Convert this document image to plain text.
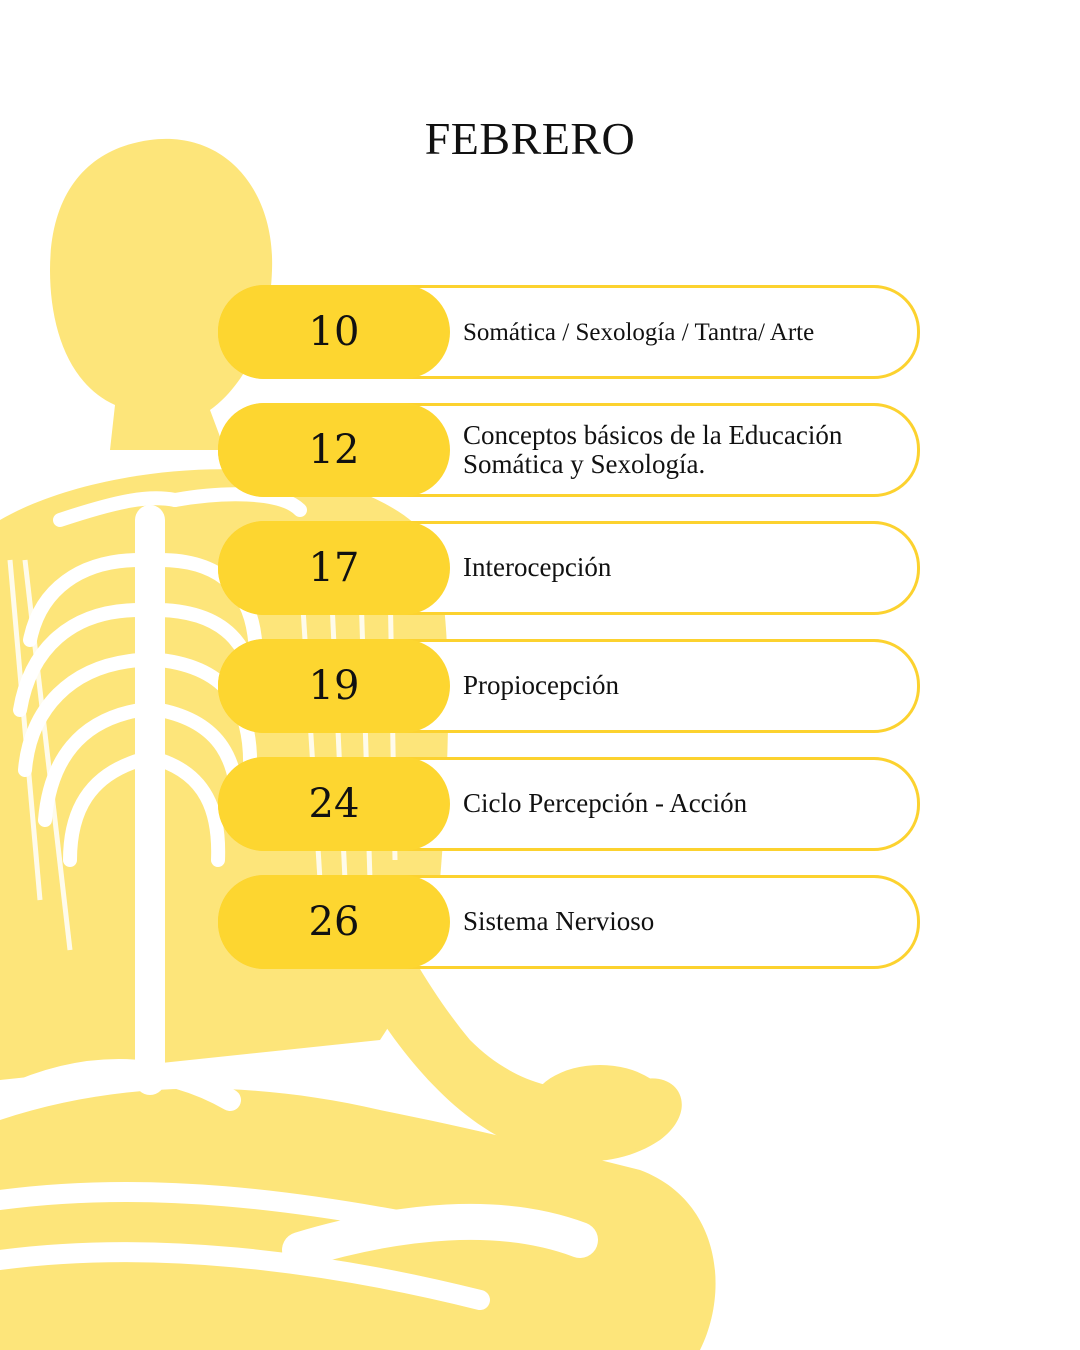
FEBRERO
10	Somática / Sexología / Tantra/ Arte
12	Conceptos básicos de la Educación Somática y Sexología.
17	Interocepción
19	Propiocepción
24	Ciclo Percepción - Acción
26	Sistema Nervioso
